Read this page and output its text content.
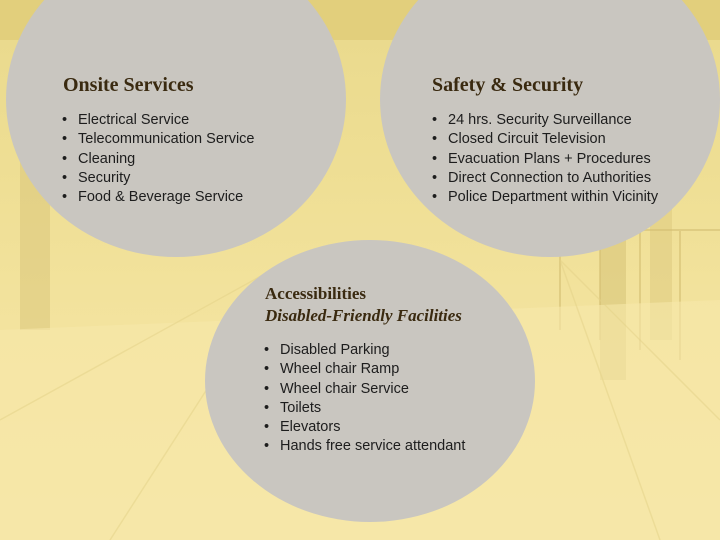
Onsite Services
• Electrical Service
• Telecommunication Service
• Cleaning
• Security
• Food & Beverage Service
Safety & Security
• 24 hrs. Security Surveillance
• Closed Circuit Television
• Evacuation Plans + Procedures
• Direct Connection to Authorities
• Police Department within Vicinity
Accessibilities
Disabled-Friendly Facilities
• Disabled Parking
• Wheel chair Ramp
• Wheel chair Service
• Toilets
• Elevators
• Hands free service attendant
